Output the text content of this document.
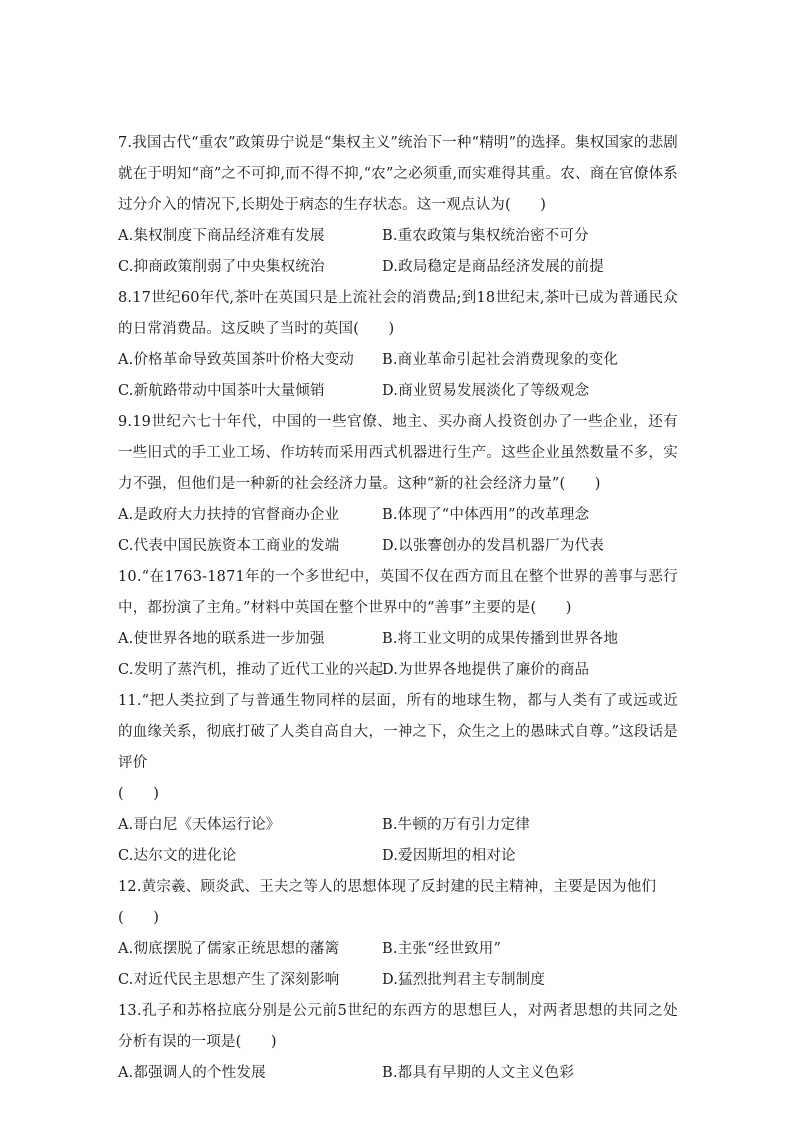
7.我国古代“重农”政策毋宁说是“集权主义”统治下一种“精明”的选择。集权国家的悲剧就在于明知“商”之不可抑,而不得不抑,“农”之必须重,而实难得其重。农、商在官僚体系过分介入的情况下,长期处于病态的生存状态。这一观点认为(　　)

A.集权制度下商品经济难有发展	B.重农政策与集权统治密不可分
C.抑商政策削弱了中央集权统治	D.政局稳定是商品经济发展的前提

8.17世纪60年代,茶叶在英国只是上流社会的消费品;到18世纪末,茶叶已成为普通民众的日常消费品。这反映了当时的英国(　　)

A.价格革命导致英国茶叶价格大变动	B.商业革命引起社会消费现象的变化
C.新航路带动中国茶叶大量倾销	D.商业贸易发展淡化了等级观念

9.19世纪六七十年代，中国的一些官僚、地主、买办商人投资创办了一些企业，还有一些旧式的手工业工场、作坊转而采用西式机器进行生产。这些企业虽然数量不多，实力不强，但他们是一种新的社会经济力量。这种“新的社会经济力量”(　　)

A.是政府大力扶持的官督商办企业	B.体现了“中体西用”的改革理念
C.代表中国民族资本工商业的发端	D.以张謇创办的发昌机器厂为代表

10.“在1763-1871年的一个多世纪中，英国不仅在西方而且在整个世界的善事与恶行中，都扮演了主角。”材料中英国在整个世界中的“善事”主要的是(　　)

A.使世界各地的联系进一步加强	B.将工业文明的成果传播到世界各地
C.发明了蒸汽机，推动了近代工业的兴起
D.为世界各地提供了廉价的商品

11.“把人类拉到了与普通生物同样的层面，所有的地球生物，都与人类有了或远或近的血缘关系，彻底打破了人类自高自大，一神之下，众生之上的愚昧式自尊。”这段话是评价

(　　)

A.哥白尼《天体运行论》	B.牛顿的万有引力定律
C.达尔文的进化论	D.爱因斯坦的相对论

12.黄宗羲、顾炎武、王夫之等人的思想体现了反封建的民主精神，主要是因为他们

(　　)

A.彻底摆脱了儒家正统思想的藩篱	B.主张“经世致用”
C.对近代民主思想产生了深刻影响	D.猛烈批判君主专制制度

13.孔子和苏格拉底分别是公元前5世纪的东西方的思想巨人，对两者思想的共同之处分析有误的一项是(　　)

A.都强调人的个性发展	B.都具有早期的人文主义色彩
